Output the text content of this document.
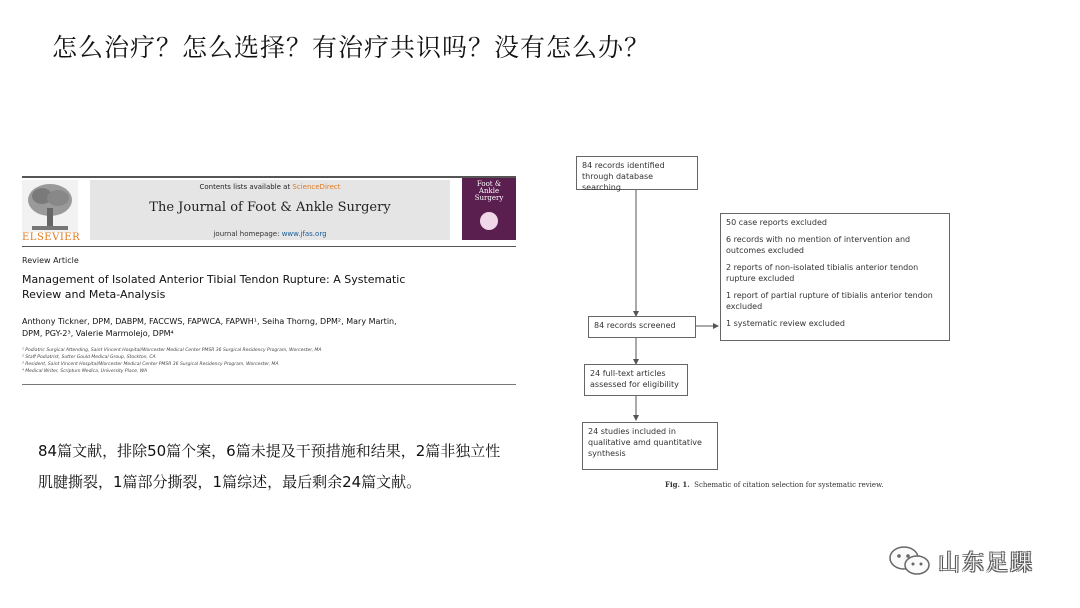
怎么治疗？怎么选择？有治疗共识吗？没有怎么办？
ELSEVIER
Contents lists available at ScienceDirect
The Journal of Foot & Ankle Surgery
journal homepage: www.jfas.org
Foot & Ankle Surgery
Review Article
Management of Isolated Anterior Tibial Tendon Rupture: A Systematic Review and Meta-Analysis
Anthony Tickner, DPM, DABPM, FACCWS, FAPWCA, FAPWH¹, Seiha Thorng, DPM², Mary Martin, DPM, PGY-2³, Valerie Marmolejo, DPM⁴
¹ Podiatric Surgical Attending, Saint Vincent Hospital/Worcester Medical Center PMSR 36 Surgical Residency Program, Worcester, MA
² Staff Podiatrist, Sutter Gould Medical Group, Stockton, CA
³ Resident, Saint Vincent Hospital/Worcester Medical Center PMSR 36 Surgical Residency Program, Worcester, MA
⁴ Medical Writer, Scriptum Medica, University Place, WA
84篇文献，排除50篇个案，6篇未提及干预措施和结果，2篇非独立性肌腱撕裂，1篇部分撕裂，1篇综述，最后剩余24篇文献。
84 records identified through database searching
50 case reports excluded
6 records with no mention of intervention and outcomes excluded
2 reports of non-isolated tibialis anterior tendon rupture excluded
1 report of partial rupture of tibialis anterior tendon excluded
1 systematic review excluded
84 records screened
24 full-text articles assessed for eligibility
24 studies included in qualitative amd quantitative synthesis
Fig. 1. Schematic of citation selection for systematic review.
山东足踝
